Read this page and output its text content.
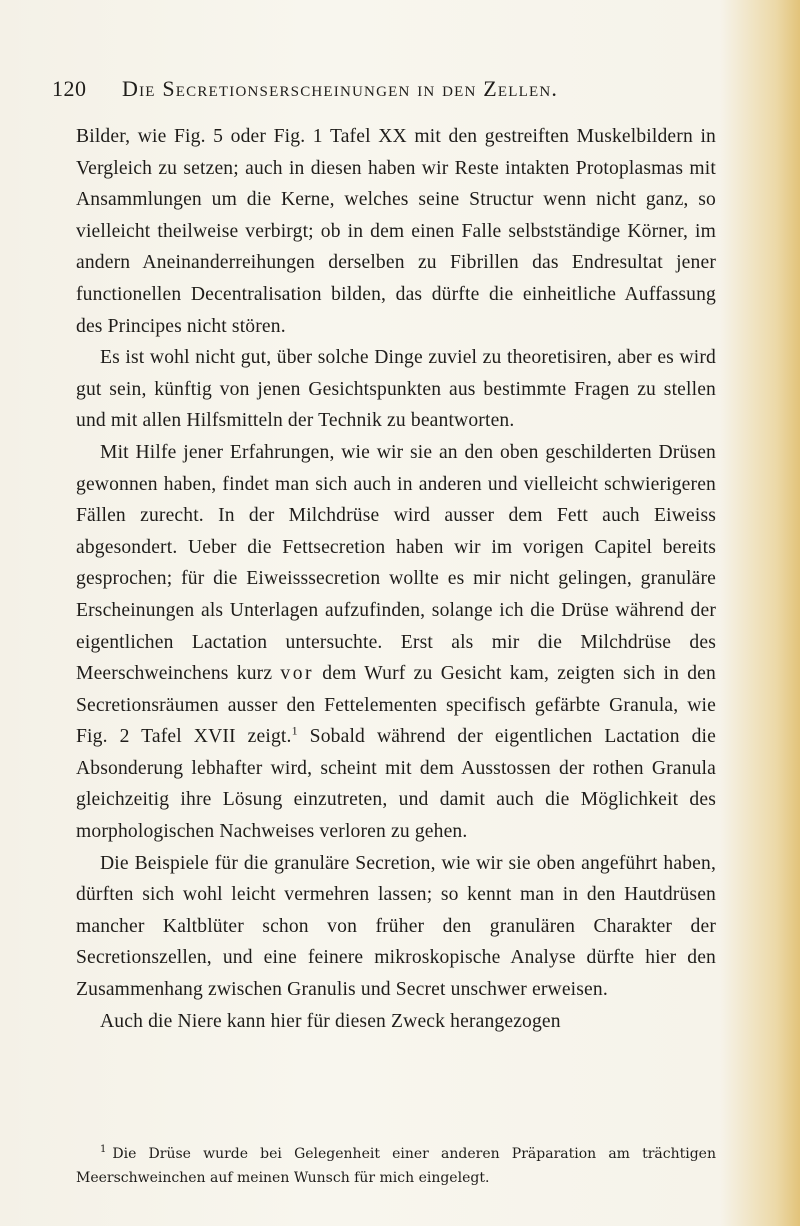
120 Die Secretionserscheinungen in den Zellen.

Bilder, wie Fig. 5 oder Fig. 1 Tafel XX mit den gestreiften Muskelbildern in Vergleich zu setzen; auch in diesen haben wir Reste intakten Protoplasmas mit Ansammlungen um die Kerne, welches seine Structur wenn nicht ganz, so vielleicht theilweise verbirgt; ob in dem einen Falle selbstständige Körner, im andern Aneinanderreihungen derselben zu Fibrillen das Endresultat jener functionellen Decentralisation bilden, das dürfte die einheitliche Auffassung des Principes nicht stören.

Es ist wohl nicht gut, über solche Dinge zuviel zu theoretisiren, aber es wird gut sein, künftig von jenen Gesichtspunkten aus bestimmte Fragen zu stellen und mit allen Hilfsmitteln der Technik zu beantworten.

Mit Hilfe jener Erfahrungen, wie wir sie an den oben geschilderten Drüsen gewonnen haben, findet man sich auch in anderen und vielleicht schwierigeren Fällen zurecht. In der Milchdrüse wird ausser dem Fett auch Eiweiss abgesondert. Ueber die Fettsecretion haben wir im vorigen Capitel bereits gesprochen; für die Eiweisssecretion wollte es mir nicht gelingen, granuläre Erscheinungen als Unterlagen aufzufinden, solange ich die Drüse während der eigentlichen Lactation untersuchte. Erst als mir die Milchdrüse des Meerschweinchens kurz vor dem Wurf zu Gesicht kam, zeigten sich in den Secretionsräumen ausser den Fettelementen specifisch gefärbte Granula, wie Fig. 2 Tafel XVII zeigt.$^1$ Sobald während der eigentlichen Lactation die Absonderung lebhafter wird, scheint mit dem Ausstossen der rothen Granula gleichzeitig ihre Lösung einzutreten, und damit auch die Möglichkeit des morphologischen Nachweises verloren zu gehen.

Die Beispiele für die granuläre Secretion, wie wir sie oben angeführt haben, dürften sich wohl leicht vermehren lassen; so kennt man in den Hautdrüsen mancher Kaltblüter schon von früher den granulären Charakter der Secretionszellen, und eine feinere mikroskopische Analyse dürfte hier den Zusammenhang zwischen Granulis und Secret unschwer erweisen.

Auch die Niere kann hier für diesen Zweck herangezogen

$^1$ Die Drüse wurde bei Gelegenheit einer anderen Präparation am trächtigen Meerschweinchen auf meinen Wunsch für mich eingelegt.
